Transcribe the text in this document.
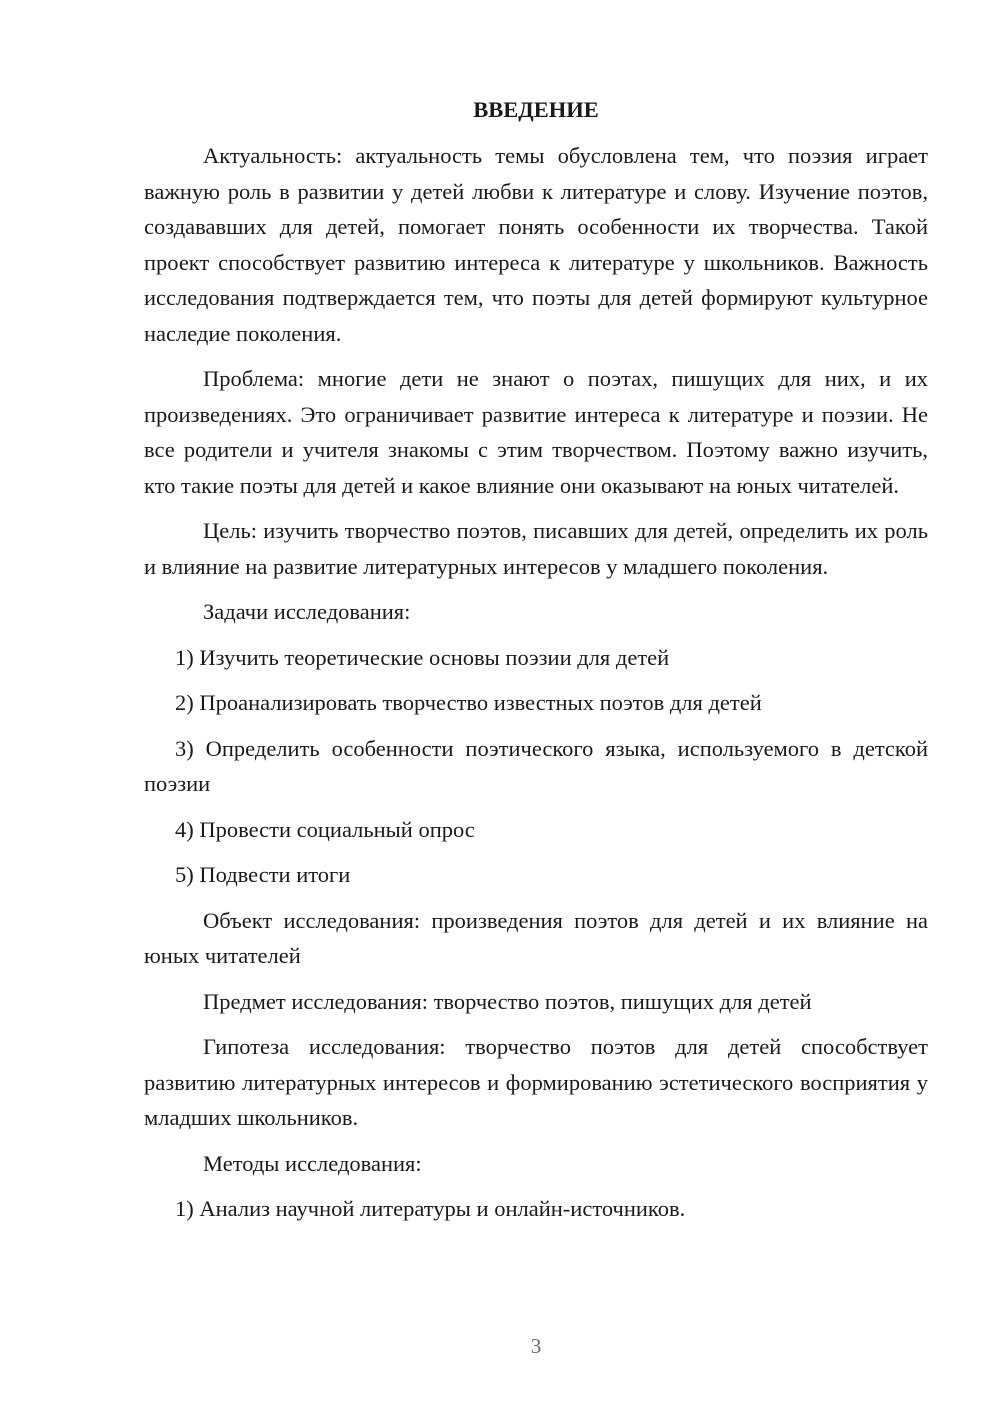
ВВЕДЕНИЕ
Актуальность: актуальность темы обусловлена тем, что поэзия играет важную роль в развитии у детей любви к литературе и слову. Изучение поэтов, создававших для детей, помогает понять особенности их творчества. Такой проект способствует развитию интереса к литературе у школьников. Важность исследования подтверждается тем, что поэты для детей формируют культурное наследие поколения.
Проблема: многие дети не знают о поэтах, пишущих для них, и их произведениях. Это ограничивает развитие интереса к литературе и поэзии. Не все родители и учителя знакомы с этим творчеством. Поэтому важно изучить, кто такие поэты для детей и какое влияние они оказывают на юных читателей.
Цель: изучить творчество поэтов, писавших для детей, определить их роль и влияние на развитие литературных интересов у младшего поколения.
Задачи исследования:
1) Изучить теоретические основы поэзии для детей
2) Проанализировать творчество известных поэтов для детей
3) Определить особенности поэтического языка, используемого в детской поэзии
4) Провести социальный опрос
5) Подвести итоги
Объект исследования: произведения поэтов для детей и их влияние на юных читателей
Предмет исследования: творчество поэтов, пишущих для детей
Гипотеза исследования: творчество поэтов для детей способствует развитию литературных интересов и формированию эстетического восприятия у младших школьников.
Методы исследования:
1) Анализ научной литературы и онлайн-источников.
3
